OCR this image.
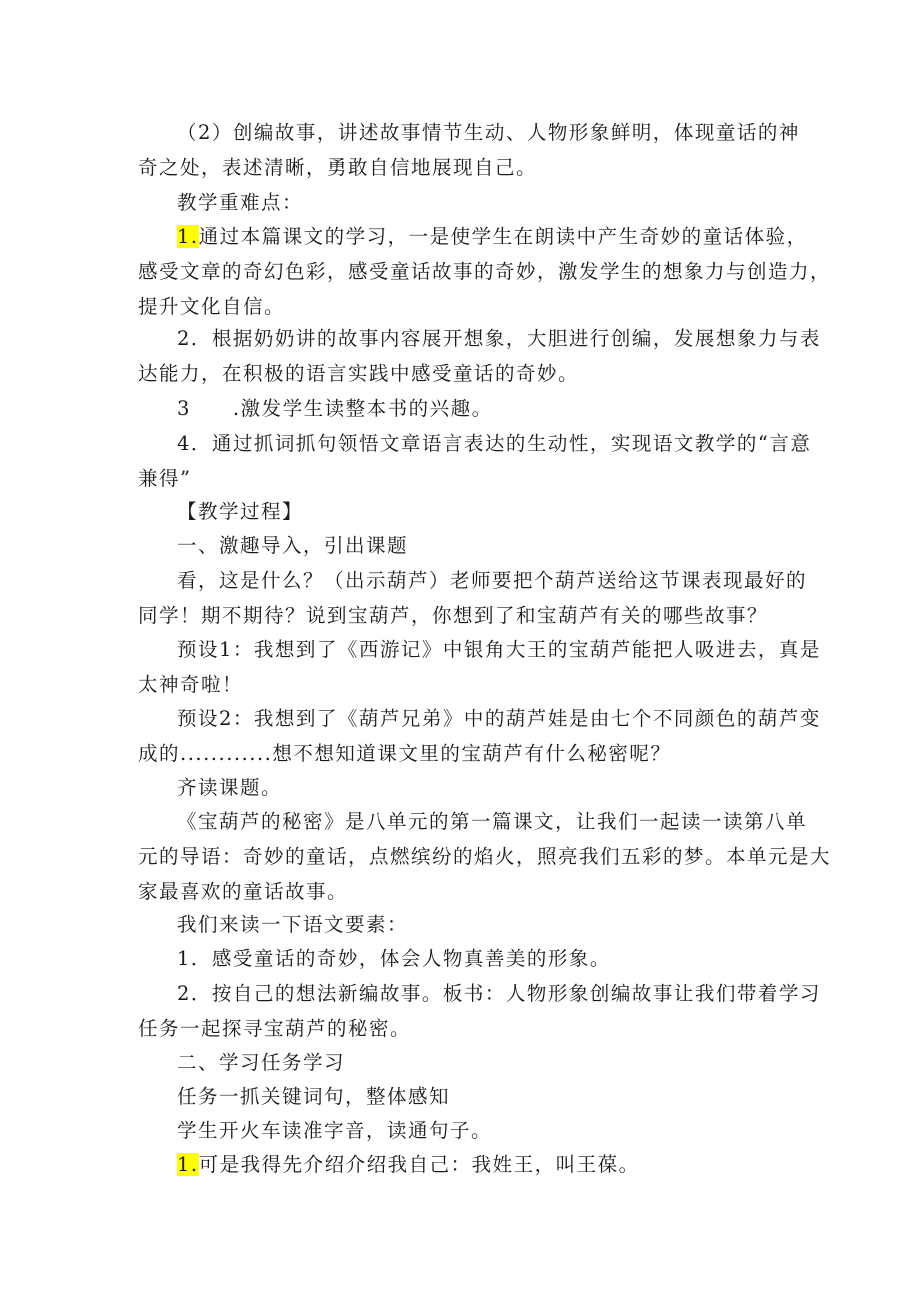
（2）创编故事，讲述故事情节生动、人物形象鲜明，体现童话的神
奇之处，表述清晰，勇敢自信地展现自己。

教学重难点：

1.通过本篇课文的学习，一是使学生在朗读中产生奇妙的童话体验，
感受文章的奇幻色彩，感受童话故事的奇妙，激发学生的想象力与创造力，
提升文化自信。

2．根据奶奶讲的故事内容展开想象，大胆进行创编，发展想象力与表
达能力，在积极的语言实践中感受童话的奇妙。

3　　.激发学生读整本书的兴趣。

4．通过抓词抓句领悟文章语言表达的生动性，实现语文教学的“言意
兼得”

【教学过程】

一、激趣导入，引出课题

看，这是什么？（出示葫芦）老师要把个葫芦送给这节课表现最好的
同学！期不期待？说到宝葫芦，你想到了和宝葫芦有关的哪些故事？

预设1：我想到了《西游记》中银角大王的宝葫芦能把人吸进去，真是
太神奇啦！

预设2：我想到了《葫芦兄弟》中的葫芦娃是由七个不同颜色的葫芦变
成的............想不想知道课文里的宝葫芦有什么秘密呢？

齐读课题。

《宝葫芦的秘密》是八单元的第一篇课文，让我们一起读一读第八单
元的导语：奇妙的童话，点燃缤纷的焰火，照亮我们五彩的梦。本单元是大
家最喜欢的童话故事。

我们来读一下语文要素：

1．感受童话的奇妙，体会人物真善美的形象。

2．按自己的想法新编故事。板书：人物形象创编故事让我们带着学习
任务一起探寻宝葫芦的秘密。

二、学习任务学习

任务一抓关键词句，整体感知

学生开火车读准字音，读通句子。

1.可是我得先介绍介绍我自己：我姓王，叫王葆。
